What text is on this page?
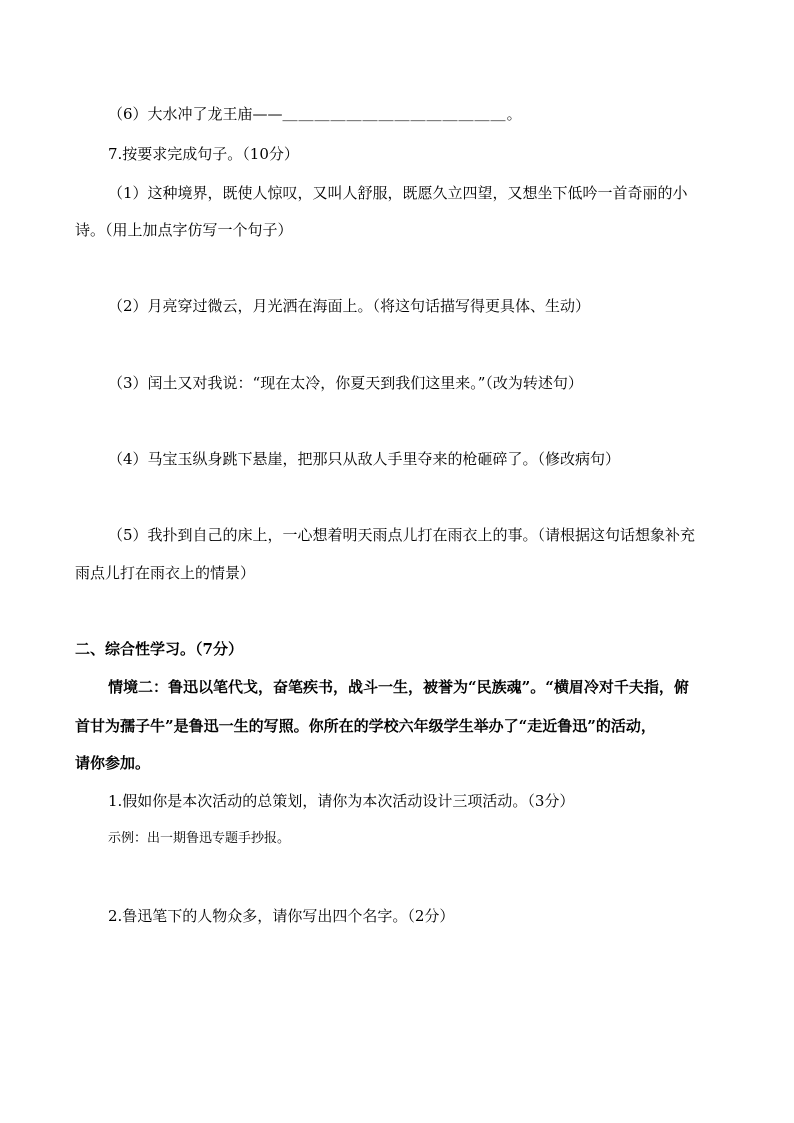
（6）大水冲了龙王庙——＿＿＿＿＿＿＿＿＿＿＿＿＿＿。
7.按要求完成句子。（10分）
（1）这种境界，既使人惊叹，又叫人舒服，既愿久立四望，又想坐下低吟一首奇丽的小
诗。（用上加点字仿写一个句子）
（2）月亮穿过微云，月光洒在海面上。（将这句话描写得更具体、生动）
（3）闰土又对我说：“现在太冷，你夏天到我们这里来。”（改为转述句）
（4）马宝玉纵身跳下悬崖，把那只从敌人手里夺来的枪砸碎了。（修改病句）
（5）我扑到自己的床上，一心想着明天雨点儿打在雨衣上的事。（请根据这句话想象补充
雨点儿打在雨衣上的情景）
二、综合性学习。（7分）
情境二：鲁迅以笔代戈，奋笔疾书，战斗一生，被誉为“民族魂”。“横眉冷对千夫指，俯
首甘为孺子牛”是鲁迅一生的写照。你所在的学校六年级学生举办了“走近鲁迅”的活动，
请你参加。
1.假如你是本次活动的总策划，请你为本次活动设计三项活动。（3分）
示例：出一期鲁迅专题手抄报。
2.鲁迅笔下的人物众多，请你写出四个名字。（2分）
